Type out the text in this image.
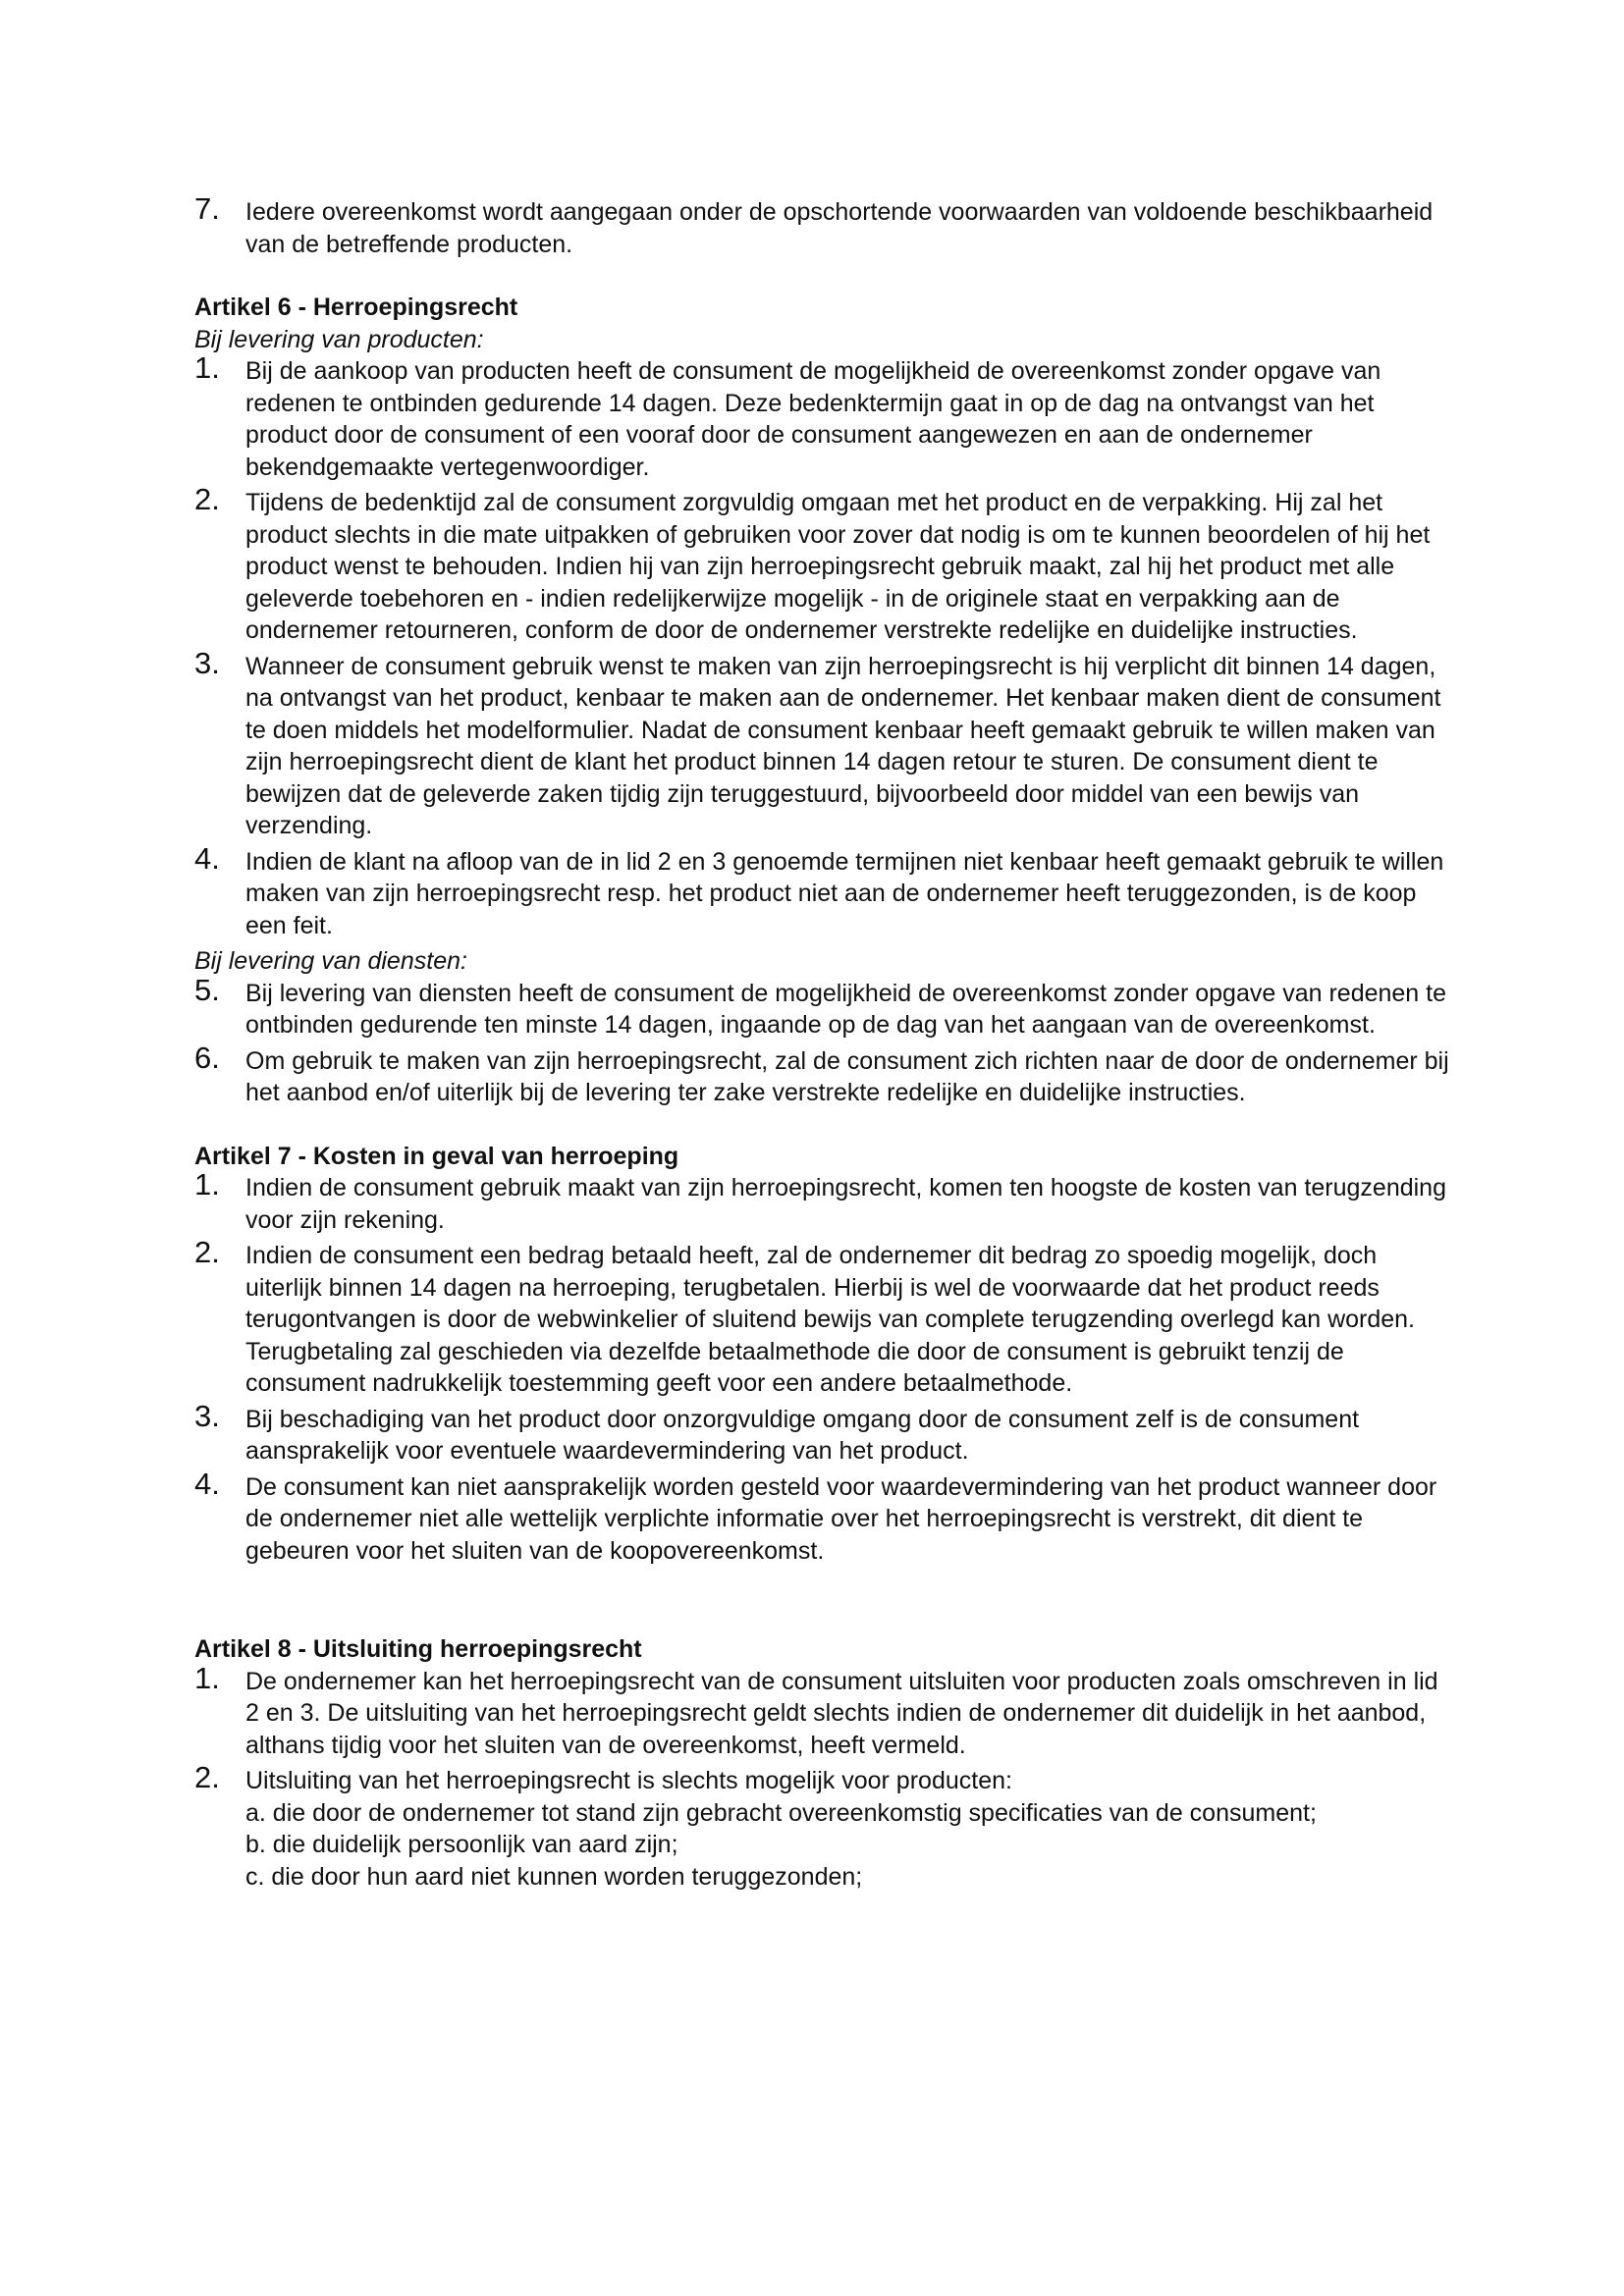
7. Iedere overeenkomst wordt aangegaan onder de opschortende voorwaarden van voldoende beschikbaarheid van de betreffende producten.
Artikel 6 - Herroepingsrecht
Bij levering van producten:
1. Bij de aankoop van producten heeft de consument de mogelijkheid de overeenkomst zonder opgave van redenen te ontbinden gedurende 14 dagen. Deze bedenktermijn gaat in op de dag na ontvangst van het product door de consument of een vooraf door de consument aangewezen en aan de ondernemer bekendgemaakte vertegenwoordiger.
2. Tijdens de bedenktijd zal de consument zorgvuldig omgaan met het product en de verpakking. Hij zal het product slechts in die mate uitpakken of gebruiken voor zover dat nodig is om te kunnen beoordelen of hij het product wenst te behouden. Indien hij van zijn herroepingsrecht gebruik maakt, zal hij het product met alle geleverde toebehoren en - indien redelijkerwijze mogelijk - in de originele staat en verpakking aan de ondernemer retourneren, conform de door de ondernemer verstrekte redelijke en duidelijke instructies.
3. Wanneer de consument gebruik wenst te maken van zijn herroepingsrecht is hij verplicht dit binnen 14 dagen, na ontvangst van het product, kenbaar te maken aan de ondernemer. Het kenbaar maken dient de consument te doen middels het modelformulier. Nadat de consument kenbaar heeft gemaakt gebruik te willen maken van zijn herroepingsrecht dient de klant het product binnen 14 dagen retour te sturen. De consument dient te bewijzen dat de geleverde zaken tijdig zijn teruggestuurd, bijvoorbeeld door middel van een bewijs van verzending.
4. Indien de klant na afloop van de in lid 2 en 3 genoemde termijnen niet kenbaar heeft gemaakt gebruik te willen maken van zijn herroepingsrecht resp. het product niet aan de ondernemer heeft teruggezonden, is de koop een feit.
Bij levering van diensten:
5. Bij levering van diensten heeft de consument de mogelijkheid de overeenkomst zonder opgave van redenen te ontbinden gedurende ten minste 14 dagen, ingaande op de dag van het aangaan van de overeenkomst.
6. Om gebruik te maken van zijn herroepingsrecht, zal de consument zich richten naar de door de ondernemer bij het aanbod en/of uiterlijk bij de levering ter zake verstrekte redelijke en duidelijke instructies.
Artikel 7 - Kosten in geval van herroeping
1. Indien de consument gebruik maakt van zijn herroepingsrecht, komen ten hoogste de kosten van terugzending voor zijn rekening.
2. Indien de consument een bedrag betaald heeft, zal de ondernemer dit bedrag zo spoedig mogelijk, doch uiterlijk binnen 14 dagen na herroeping, terugbetalen. Hierbij is wel de voorwaarde dat het product reeds terugontvangen is door de webwinkelier of sluitend bewijs van complete terugzending overlegd kan worden. Terugbetaling zal geschieden via dezelfde betaalmethode die door de consument is gebruikt tenzij de consument nadrukkelijk toestemming geeft voor een andere betaalmethode.
3. Bij beschadiging van het product door onzorgvuldige omgang door de consument zelf is de consument aansprakelijk voor eventuele waardevermindering van het product.
4. De consument kan niet aansprakelijk worden gesteld voor waardevermindering van het product wanneer door de ondernemer niet alle wettelijk verplichte informatie over het herroepingsrecht is verstrekt, dit dient te gebeuren voor het sluiten van de koopovereenkomst.
Artikel 8 - Uitsluiting herroepingsrecht
1. De ondernemer kan het herroepingsrecht van de consument uitsluiten voor producten zoals omschreven in lid 2 en 3. De uitsluiting van het herroepingsrecht geldt slechts indien de ondernemer dit duidelijk in het aanbod, althans tijdig voor het sluiten van de overeenkomst, heeft vermeld.
2. Uitsluiting van het herroepingsrecht is slechts mogelijk voor producten:
a. die door de ondernemer tot stand zijn gebracht overeenkomstig specificaties van de consument;
b. die duidelijk persoonlijk van aard zijn;
c. die door hun aard niet kunnen worden teruggezonden;
